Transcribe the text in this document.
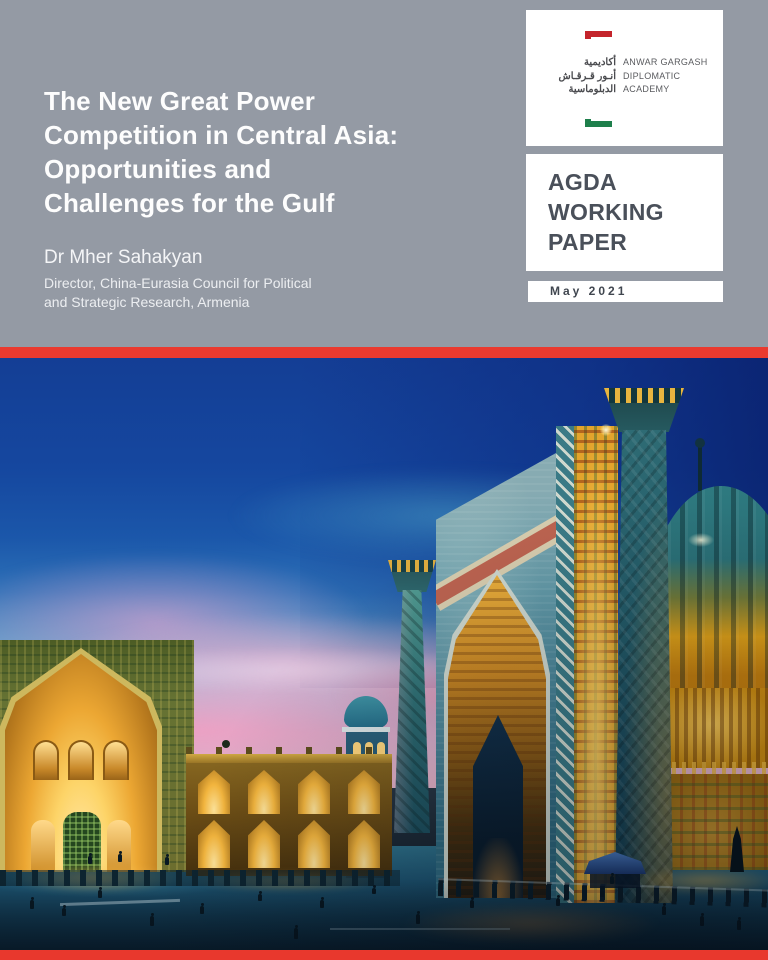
The New Great Power
Competition in Central Asia:
Opportunities and
Challenges for the Gulf
Dr Mher Sahakyan
Director, China-Eurasia Council for Political
and Strategic Research, Armenia
أكاديمية
أنـور قـرقـاش
الدبلوماسية
ANWAR GARGASH
DIPLOMATIC
ACADEMY
AGDA
WORKING
PAPER
May 2021
